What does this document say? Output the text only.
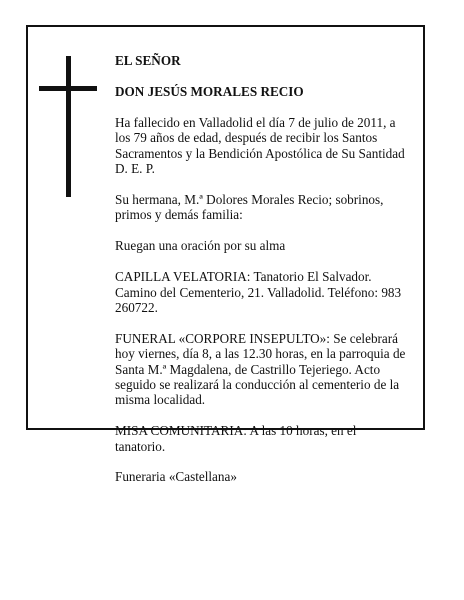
EL SEÑOR

DON JESÚS MORALES RECIO

Ha fallecido en Valladolid el día 7 de julio de 2011, a
los 79 años de edad, después de recibir los Santos
Sacramentos y la Bendición Apostólica de Su Santidad
D. E. P.

Su hermana, M.ª Dolores Morales Recio; sobrinos,
primos y demás familia:

Ruegan una oración por su alma

CAPILLA VELATORIA: Tanatorio El Salvador.
Camino del Cementerio, 21. Valladolid. Teléfono: 983
260722.

FUNERAL «CORPORE INSEPULTO»: Se celebrará
hoy viernes, día 8, a las 12.30 horas, en la parroquia de
Santa M.ª Magdalena, de Castrillo Tejeriego. Acto
seguido se realizará la conducción al cementerio de la
misma localidad.

MISA COMUNITARIA: A las 10 horas, en el
tanatorio.

Funeraria «Castellana»
